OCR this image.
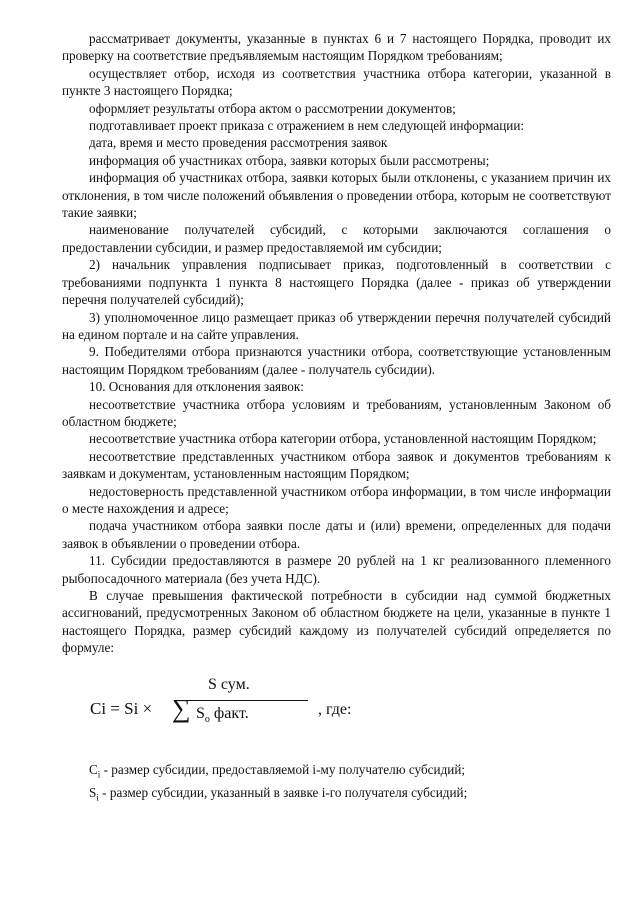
рассматривает документы, указанные в пунктах 6 и 7 настоящего Порядка, проводит их проверку на соответствие предъявляемым настоящим Порядком требованиям;

осуществляет отбор, исходя из соответствия участника отбора категории, указанной в пункте 3 настоящего Порядка;

оформляет результаты отбора актом о рассмотрении документов;

подготавливает проект приказа с отражением в нем следующей информации:

дата, время и место проведения рассмотрения заявок

информация об участниках отбора, заявки которых были рассмотрены;

информация об участниках отбора, заявки которых были отклонены, с указанием причин их отклонения, в том числе положений объявления о проведении отбора, которым не соответствуют такие заявки;

наименование получателей субсидий, с которыми заключаются соглашения о предоставлении субсидии, и размер предоставляемой им субсидии;

2) начальник управления подписывает приказ, подготовленный в соответствии с требованиями подпункта 1 пункта 8 настоящего Порядка (далее - приказ об утверждении перечня получателей субсидий);

3) уполномоченное лицо размещает приказ об утверждении перечня получателей субсидий на едином портале и на сайте управления.

9. Победителями отбора признаются участники отбора, соответствующие установленным настоящим Порядком требованиям (далее - получатель субсидии).

10. Основания для отклонения заявок:

несоответствие участника отбора условиям и требованиям, установленным Законом об областном бюджете;

несоответствие участника отбора категории отбора, установленной настоящим Порядком;

несоответствие представленных участником отбора заявок и документов требованиям к заявкам и документам, установленным настоящим Порядком;

недостоверность представленной участником отбора информации, в том числе информации о месте нахождения и адресе;

подача участником отбора заявки после даты и (или) времени, определенных для подачи заявок в объявлении о проведении отбора.

11. Субсидии предоставляются в размере 20 рублей на 1 кг реализованного племенного рыбопосадочного материала (без учета НДС).

В случае превышения фактической потребности в субсидии над суммой бюджетных ассигнований, предусмотренных Законом об областном бюджете на цели, указанные в пункте 1 настоящего Порядка, размер субсидий каждому из получателей субсидий определяется по формуле:

Ci = Si ×
S сум.
∑ $S_o$ факт.	, где:

$C_i$ - размер субсидии, предоставляемой i-му получателю субсидий;

$S_i$ - размер субсидии, указанный в заявке i-го получателя субсидий;
